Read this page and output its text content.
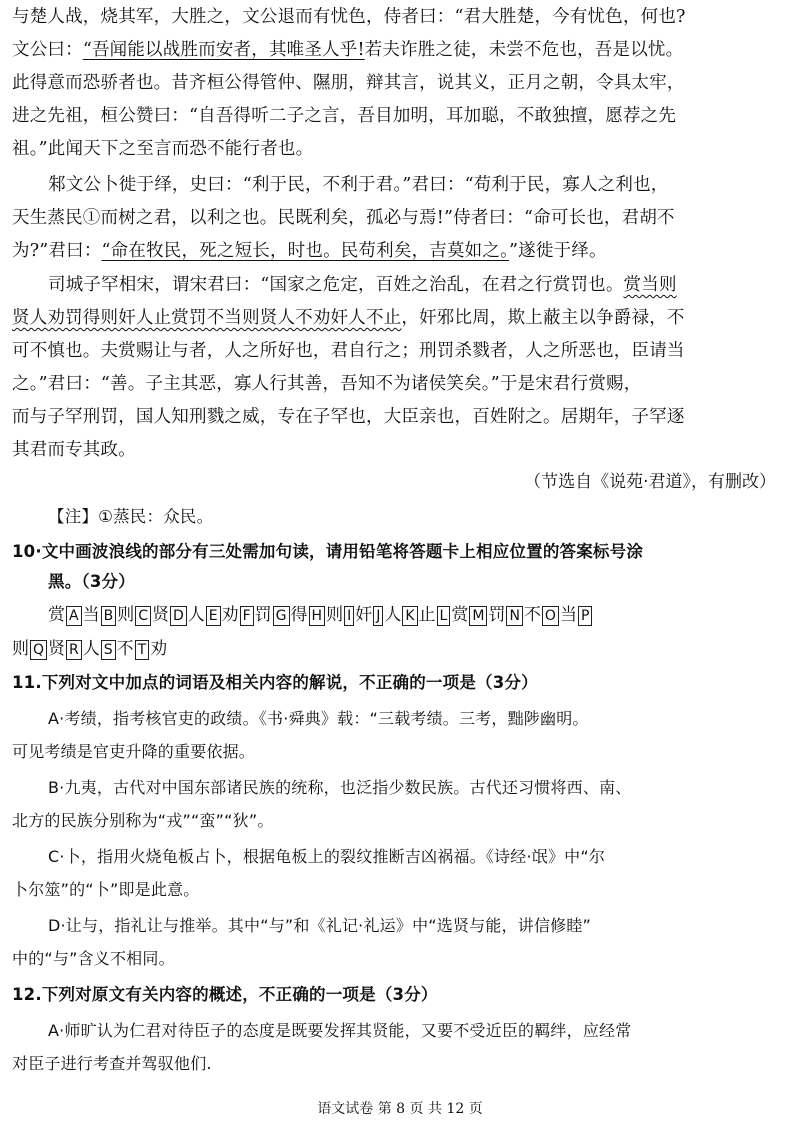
与楚人战，烧其军，大胜之，文公退而有忧色，侍者曰：“君大胜楚，今有忧色，何也?
文公曰：“吾闻能以战胜而安者，其唯圣人乎!若夫诈胜之徒，未尝不危也，吾是以忧。
此得意而恐骄者也。昔齐桓公得管仲、隰朋，辩其言，说其义，正月之朝，令具太牢，
进之先祖，桓公赞曰：“自吾得听二子之言，吾目加明，耳加聪，不敢独擅，愿荐之先
祖。”此闻天下之至言而恐不能行者也。
邾文公卜徙于绎，史曰：“利于民，不利于君。”君曰：“苟利于民，寡人之利也，
天生蒸民①而树之君，以利之也。民既利矣，孤必与焉!”侍者曰：“命可长也，君胡不
为?”君曰：“命在牧民，死之短长，时也。民苟利矣，吉莫如之。”遂徙于绎。
司城子罕相宋，谓宋君曰：“国家之危定，百姓之治乱，在君之行赏罚也。赏当则
贤人劝罚得则奸人止赏罚不当则贤人不劝奸人不止，奸邪比周，欺上蔽主以争爵禄，不
可不慎也。夫赏赐让与者，人之所好也，君自行之；刑罚杀戮者，人之所恶也，臣请当
之。”君曰：“善。子主其恶，寡人行其善，吾知不为诸侯笑矣。”于是宋君行赏赐，
而与子罕刑罚，国人知刑戮之威，专在子罕也，大臣亲也，百姓附之。居期年，子罕逐
其君而专其政。
（节选自《说苑·君道》，有删改）
【注】①蒸民：众民。
10·文中画波浪线的部分有三处需加句读，请用铅笔将答题卡上相应位置的答案标号涂
黑。（3分）
赏 A 当 B 则 C 贤 D 人 E 劝 F 罚 G 得 H 则 I 奸 J 人 K 止 L 赏 M 罚 N 不 O 当 P
则 Q 贤 R 人 S 不 T 劝
11.下列对文中加点的词语及相关内容的解说，不正确的一项是（3分）
A·考绩，指考核官吏的政绩。《书·舜典》载：“三载考绩。三考，黜陟幽明。
可见考绩是官吏升降的重要依据。
B·九夷，古代对中国东部诸民族的统称，也泛指少数民族。古代还习惯将西、南、
北方的民族分别称为“戎”“蛮”“狄”。
C·卜，指用火烧龟板占卜，根据龟板上的裂纹推断吉凶祸福。《诗经·氓》中“尔
卜尔筮”的“卜”即是此意。
D·让与，指礼让与推举。其中“与”和《礼记·礼运》中“选贤与能，讲信修睦”
中的“与”含义不相同。
12.下列对原文有关内容的概述，不正确的一项是（3分）
A·师旷认为仁君对待臣子的态度是既要发挥其贤能，又要不受近臣的羁绊，应经常
对臣子进行考查并驾驭他们.
语文试卷 第 8 页 共 12 页
